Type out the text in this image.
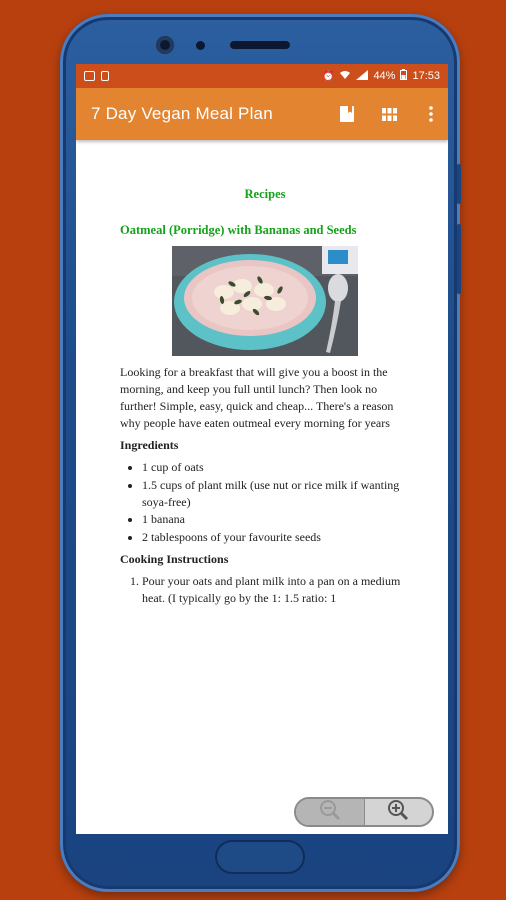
⏰	44% 17:53
7 Day Vegan Meal Plan
Recipes
Oatmeal (Porridge) with Bananas and Seeds

Looking for a breakfast that will give you a boost in the morning, and keep you full until lunch? Then look no further! Simple, easy, quick and cheap... There's a reason why people have eaten outmeal every morning for years

Ingredients
• 1 cup of oats
• 1.5 cups of plant milk (use nut or rice milk if wanting soya-free)
• 1 banana
• 2 tablespoons of your favourite seeds
Cooking Instructions
1. Pour your oats and plant milk into a pan on a medium heat. (I typically go by the 1: 1.5 ratio: 1
